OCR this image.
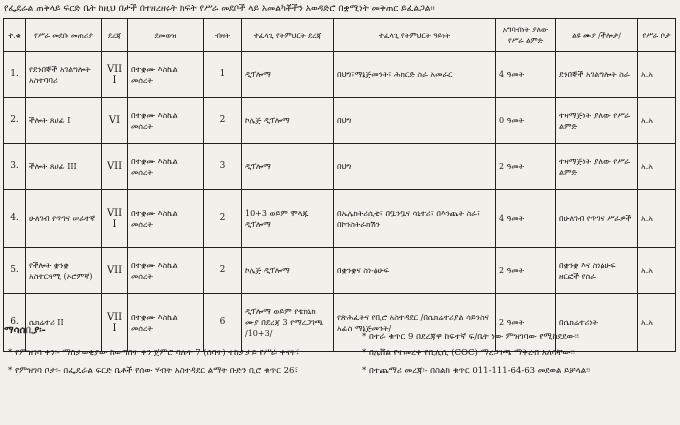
የፌደራል ጠቅላይ ፍርድ ቤት ከዚህ በታች በተዘረዘሩት ክፍት የሥራ መደቦች ላይ አመልካቾችን አወዳድሮ በቋሚነት መቅጠር ይፈልጋል፡፡
ተ.ቁ	የሥራ መደቡ መጠሪያ	ደረጃ	ደመወዝ	ብዛት	ተፈላጊ የትምህርት ደረጃ	ተፈላጊ የትምህርት ዓይነት	አግባብነት ያለው የሥራ ልምድ	ልዩ ሙያ /ችሎታ/	የሥራ ቦታ
1.	የደንበኞች አገልግሎት አስተባባሪ	VIII	በተቋሙ እስኬል መሰረት	1	ዲፕሎማ	በህግ፣ማኔጅመንት፣ ሕክርድ ስራ አመራር	4 ዓመት	ደንበኞች አገልግሎት ስራ	አ.አ
2.	ችሎት ጸሀፊ I	VI	በተቋሙ እስኬል መሰረት	2	ኮሌጅ ዲፕሎማ	በህግ	0 ዓመት	ተዛማጅነት ያለው የሥራ ልምድ	አ.አ
3.	ችሎት ጸሀፊ III	VII	በተቋሙ እስኬል መሰረት	3	ዲፕሎማ	በህግ	2 ዓመት	ተዛማጅነት ያለው የሥራ ልምድ	አ.አ
4.	ሁለገብ የጥገና ሠራተኛ	VIII	በተቋሙ እስኬል መሰረት	2	10+3 ወይም ሞላጁ ዲፕሎማ	በኤሌክትሪሲቲ፣ በቧንቧና ሳኒተሪ፣ በእንጨት ስራ፣ በኮንስትራክሽን	4 ዓመት	በሁለገብ የጥገና ሥራዎች	አ.አ
5.	የችሎት ቋንቋ አስተርጓሚ (ኦሮምኛ)	VII	በተቋሙ እስኬል መሰረት	2	ኮሌጅ ዲፕሎማ	በቋንቋና ስነ-ፅሁፍ	2 ዓመት	በቋንቋ እና ስነፅሁፍ ዘርፎች የሰራ	አ.አ
6.	ሴክሬተሪ II	VIII	በተቋሙ እስኬል መሰረት	6	ዲፕሎማ ወይም የቴክኒክ ሙያ በደረጃ 3 የማረጋገጫ /10+3/	የጽሕፈትና የቢሮ አስተዳደር /በሴክሬተሪያል ሳይንስና አፊስ ማኔጅመንት/	2 ዓመት	በሴክሬተሪነት	አ.አ
ማሳሰቢያ፡-
* በተራ ቁጥር 9 በደረጃዋ ከፍተኛ ፍ/ቤት ነው ምዝገባው የሚከደደው፡፡
* የምዝገባ ቀን፡- ማስታወቂያው ከወጣበት ቀን ጀምሮ ባሉት 7 (ሰባት) ተከታታይ የሥራ ቀናት፣
* የምዝገባ ቦታ፡- በፌዴራል ፍርድ ቤቶች የሰው ሃብት አስተዳደር ልማት ቡድን ቢሮ ቁጥር 26፣
* በሌቨል የተመረቀ የቢሊሲ (COC) ማረጋገጫ ማቅረብ አለባቸው፡፡
* በተጨማሪ መረጃ፡- በስልክ ቁጥር 011-111-64-63 መደወል ይቻላል፡፡
